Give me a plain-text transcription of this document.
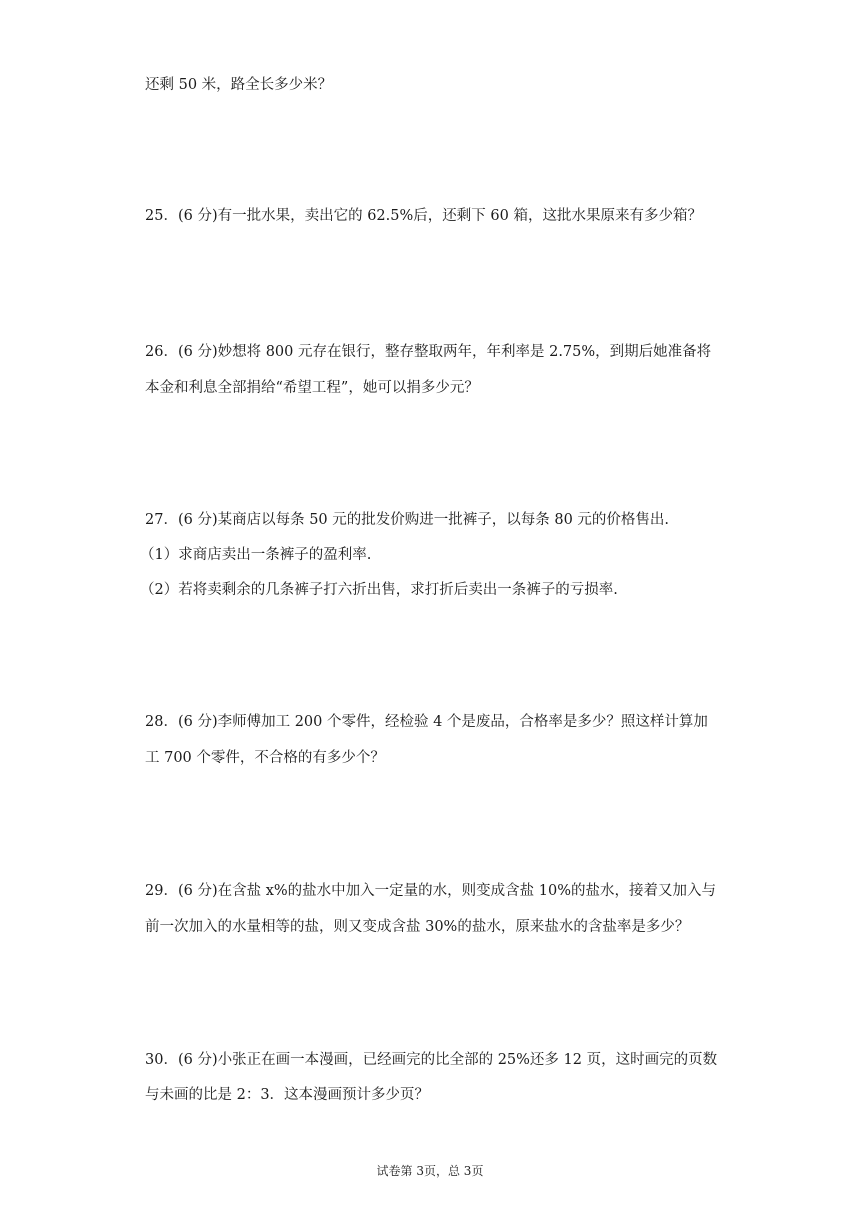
还剩 50 米，路全长多少米？
25．(6 分)有一批水果，卖出它的 62.5%后，还剩下 60 箱，这批水果原来有多少箱？
26．(6 分)妙想将 800 元存在银行，整存整取两年，年利率是 2.75%，到期后她准备将
本金和利息全部捐给“希望工程”，她可以捐多少元？
27．(6 分)某商店以每条 50 元的批发价购进一批裤子，以每条 80 元的价格售出.
（1）求商店卖出一条裤子的盈利率.
（2）若将卖剩余的几条裤子打六折出售，求打折后卖出一条裤子的亏损率.
28．(6 分)李师傅加工 200 个零件，经检验 4 个是废品，合格率是多少？照这样计算加
工 700 个零件，不合格的有多少个？
29．(6 分)在含盐 x%的盐水中加入一定量的水，则变成含盐 10%的盐水，接着又加入与
前一次加入的水量相等的盐，则又变成含盐 30%的盐水，原来盐水的含盐率是多少？
30．(6 分)小张正在画一本漫画，已经画完的比全部的 25%还多 12 页，这时画完的页数
与未画的比是 2：3．这本漫画预计多少页？
试卷第 3页，总 3页
